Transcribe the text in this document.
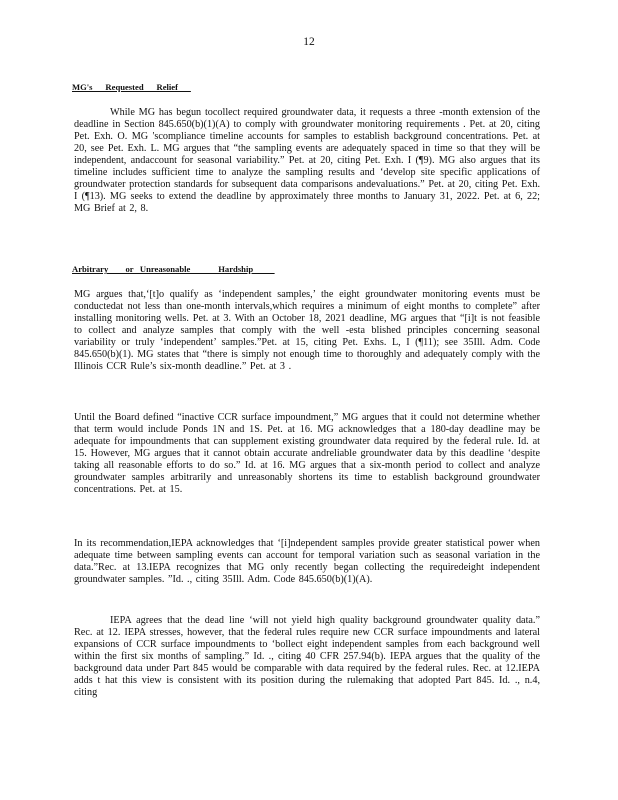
12
MG's      Requested      Relief

While MG has begun tocollect required groundwater data, it requests a three -month extension of the deadline in Section 845.650(b)(1)(A) to comply with groundwater monitoring requirements . Pet. at 20, citing Pet. Exh. O. MG 'scompliance timeline accounts for samples to establish background concentrations. Pet. at 20, see Pet. Exh. L. MG argues that “the sampling events are adequately spaced in time so that they will be independent, andaccount for seasonal variability.” Pet. at 20, citing Pet. Exh. I (¶9). MG also argues that its timeline includes sufficient time to analyze the sampling results and ‘develop site specific applications of groundwater protection standards for subsequent data comparisons andevaluations.” Pet. at 20, citing Pet. Exh. I (¶13). MG seeks to extend the deadline by approximately three months to January 31, 2022. Pet. at 6, 22; MG Brief at 2, 8.

Arbitrary        or   Unreasonable             Hardship

MG argues that,‘[t]o qualify as ‘independent samples,’ the eight groundwater monitoring events must be conductedat not less than one-month intervals,which requires a minimum of eight months to complete” after installing monitoring wells. Pet. at 3. With an October 18, 2021 deadline, MG argues that “[i]t is not feasible to collect and analyze samples that comply with the well -esta blished principles concerning seasonal variability or truly ‘independent’ samples.”Pet. at 15, citing Pet. Exhs. L, I (¶11); see 35Ill. Adm. Code 845.650(b)(1). MG states that “there is simply not enough time to thoroughly and adequately comply with the Illinois CCR Rule’s six-month deadline.” Pet. at 3 .

Until the Board defined “inactive CCR surface impoundment,” MG argues that it could not determine whether that term would include Ponds 1N and 1S. Pet. at 16. MG acknowledges that a 180-day deadline may be adequate for impoundments that can supplement existing groundwater data required by the federal rule. Id. at 15. However, MG argues that it cannot obtain accurate andreliable groundwater data by this deadline ‘despite taking all reasonable efforts to do so.” Id. at 16. MG argues that a six-month period to collect and analyze groundwater samples arbitrarily and unreasonably shortens its time to establish background groundwater concentrations. Pet. at 15.

In its recommendation,IEPA acknowledges that ‘[i]ndependent samples provide greater statistical power when adequate time between sampling events can account for temporal variation such as seasonal variation in the data.”Rec. at 13.IEPA recognizes that MG only recently began collecting the requiredeight independent groundwater samples. ”Id. ., citing 35Ill. Adm. Code 845.650(b)(1)(A).

IEPA agrees that the dead line ‘will not yield high quality background groundwater quality data.” Rec. at 12. IEPA stresses, however, that the federal rules require new CCR surface impoundments and lateral expansions of CCR surface impoundments to ‘bollect eight independent samples from each background well within the first six months of sampling.” Id. ., citing 40 CFR 257.94(b). IEPA argues that the quality of the background data under Part 845 would be comparable with data required by the federal rules. Rec. at 12.IEPA adds t hat this view is consistent with its position during the rulemaking that adopted Part 845. Id. ., n.4, citing
